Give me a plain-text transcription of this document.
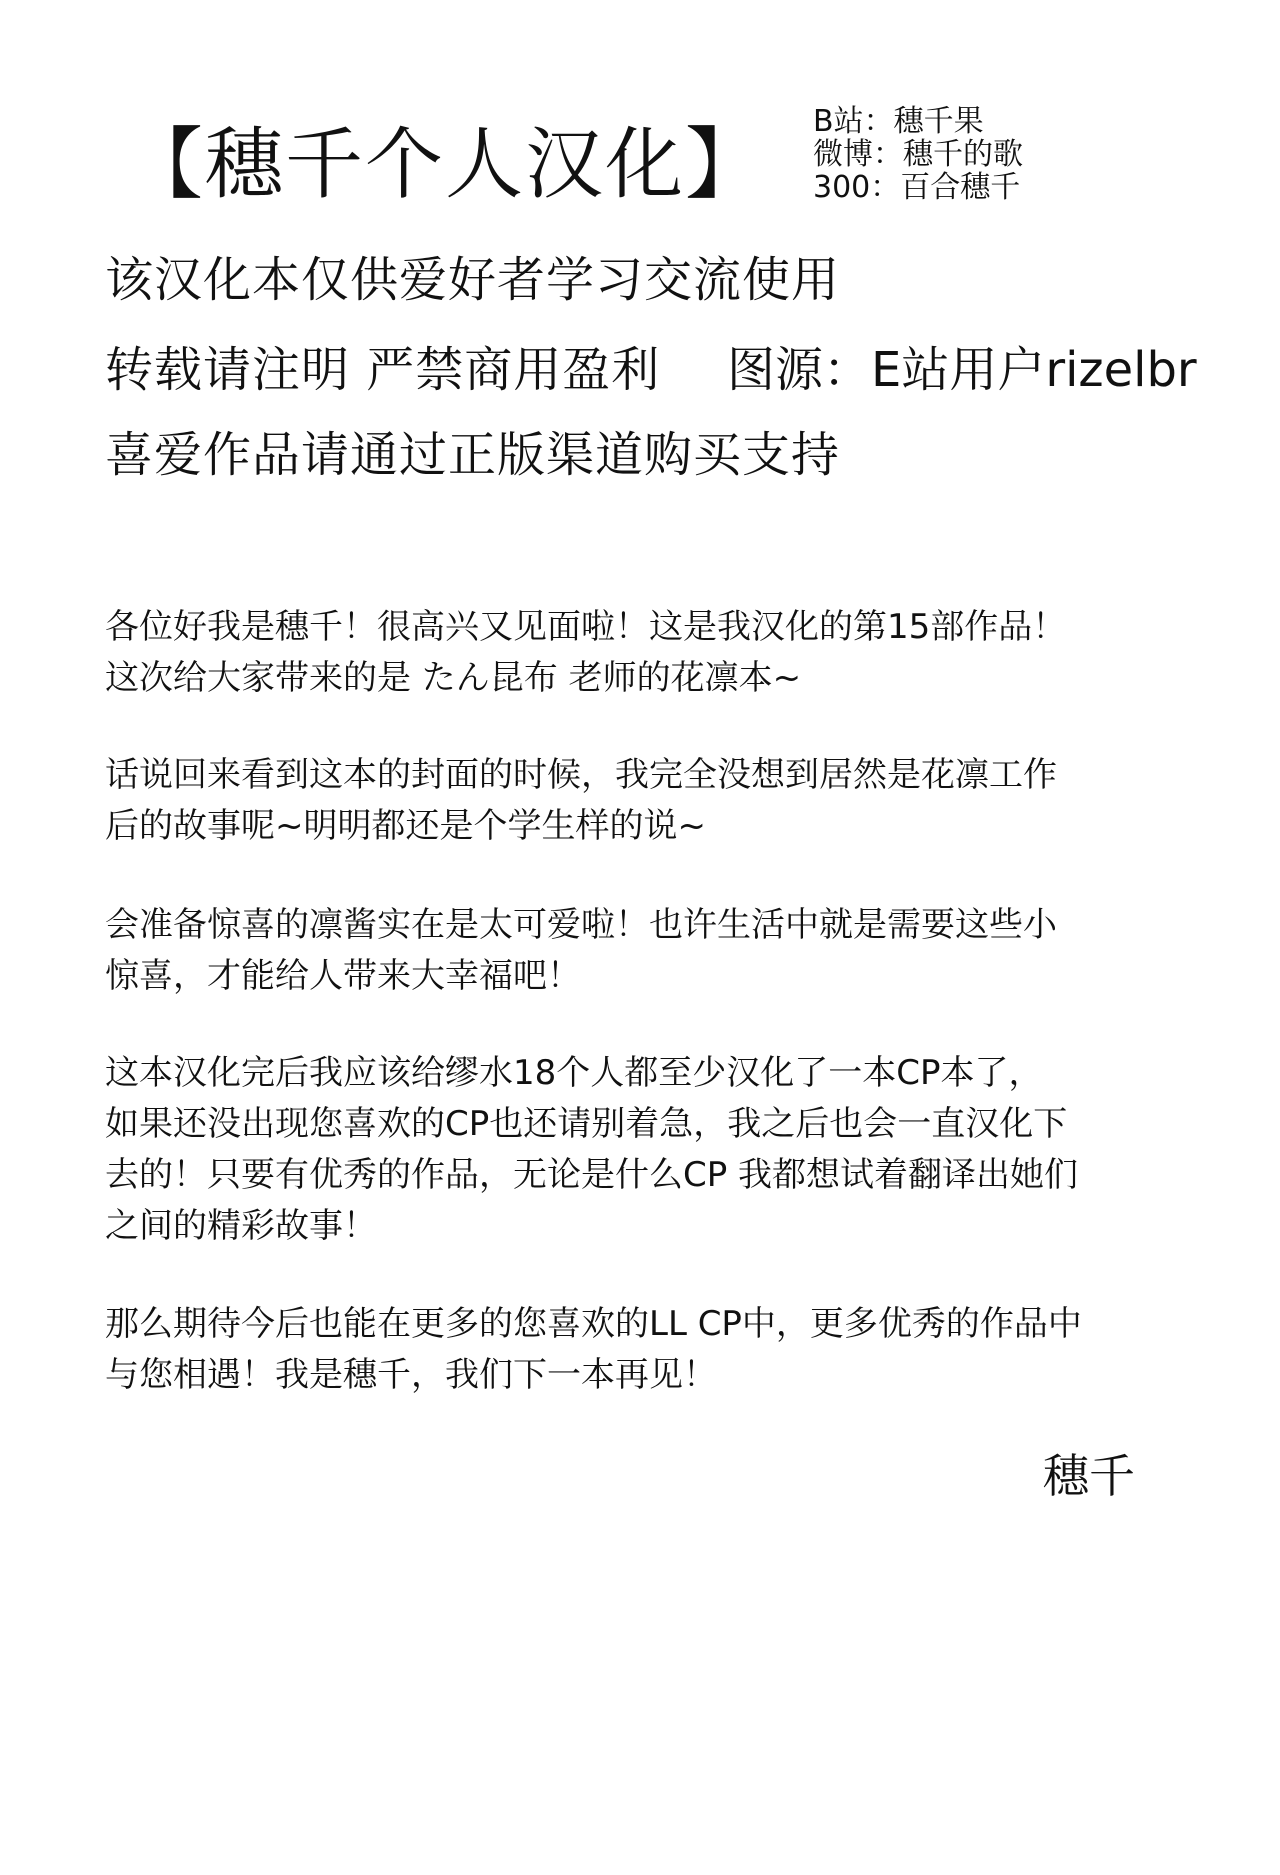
【穗千个人汉化】 B站：穗千果
微博：穗千的歌
300：百合穗千
该汉化本仅供爱好者学习交流使用
转载请注明 严禁商用盈利 图源：E站用户rizelbr
喜爱作品请通过正版渠道购买支持
各位好我是穗千！很高兴又见面啦！这是我汉化的第15部作品！
这次给大家带来的是 たん昆布 老师的花凛本~
话说回来看到这本的封面的时候，我完全没想到居然是花凛工作
后的故事呢~明明都还是个学生样的说~
会准备惊喜的凛酱实在是太可爱啦！也许生活中就是需要这些小
惊喜，才能给人带来大幸福吧！
这本汉化完后我应该给缪水18个人都至少汉化了一本CP本了，
如果还没出现您喜欢的CP也还请别着急，我之后也会一直汉化下
去的！只要有优秀的作品，无论是什么CP 我都想试着翻译出她们
之间的精彩故事！
那么期待今后也能在更多的您喜欢的LL CP中，更多优秀的作品中
与您相遇！我是穗千，我们下一本再见！
穗千
